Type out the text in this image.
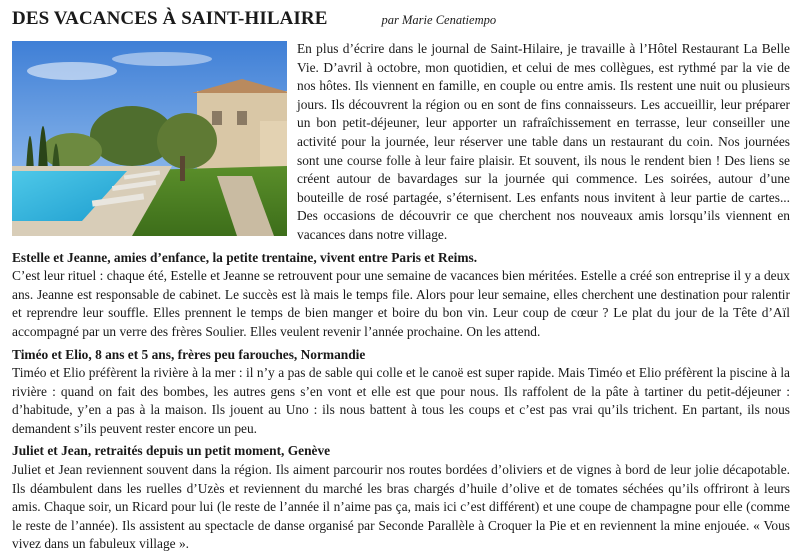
DES VACANCES À SAINT-HILAIRE	par Marie Cenatiempo

En plus d’écrire dans le journal de Saint-Hilaire, je travaille à l’Hôtel Restaurant La Belle Vie. D’avril à octobre, mon quotidien, et celui de mes collègues, est rythmé par la vie de nos hôtes. Ils viennent en famille, en couple ou entre amis. Ils restent une nuit ou plusieurs jours. Ils découvrent la région ou en sont de fins connaisseurs. Les accueillir, leur préparer un bon petit-déjeuner, leur apporter un rafraîchissement en terrasse, leur conseiller une activité pour la journée, leur réserver une table dans un restaurant du coin. Nos journées sont une course folle à leur faire plaisir. Et souvent, ils nous le rendent bien ! Des liens se créent autour de bavardages sur la journée qui commence. Les soirées, autour d’une bouteille de rosé partagée, s’éternisent. Les enfants nous invitent à leur partie de cartes... Des occasions de découvrir ce que cherchent nos nouveaux amis lorsqu’ils viennent en vacances dans notre village.

Estelle et Jeanne, amies d’enfance, la petite trentaine, vivent entre Paris et Reims.

C’est leur rituel : chaque été, Estelle et Jeanne se retrouvent pour une semaine de vacances bien méritées. Estelle a créé son entreprise il y a deux ans. Jeanne est responsable de cabinet. Le succès est là mais le temps file. Alors pour leur semaine, elles cherchent une destination pour ralentir et reprendre leur souffle. Elles prennent le temps de bien manger et boire du bon vin. Leur coup de cœur ? Le plat du jour de la Tête d’Aïl accompagné par un verre des frères Soulier. Elles veulent revenir l’année prochaine. On les attend.

Timéo et Elio, 8 ans et 5 ans, frères peu farouches, Normandie

Timéo et Elio préfèrent la rivière à la mer : il n’y a pas de sable qui colle et le canoë est super rapide. Mais Timéo et Elio préfèrent la piscine à la rivière : quand on fait des bombes, les autres gens s’en vont et elle est que pour nous. Ils raffolent de la pâte à tartiner du petit-déjeuner : d’habitude, y’en a pas à la maison. Ils jouent au Uno : ils nous battent à tous les coups et c’est pas vrai qu’ils trichent. En partant, ils nous demandent s’ils peuvent rester encore un peu.

Juliet et Jean, retraités depuis un petit moment, Genève

Juliet et Jean reviennent souvent dans la région. Ils aiment parcourir nos routes bordées d’oliviers et de vignes à bord de leur jolie décapotable. Ils déambulent dans les ruelles d’Uzès et reviennent du marché les bras chargés d’huile d’olive et de tomates séchées qu’ils offriront à leurs amis. Chaque soir, un Ricard pour lui (le reste de l’année il n’aime pas ça, mais ici c’est différent) et une coupe de champagne pour elle (comme le reste de l’année). Ils assistent au spectacle de danse organisé par Seconde Parallèle à Croquer la Pie et en reviennent la mine enjouée. « Vous vivez dans un fabuleux village ».
